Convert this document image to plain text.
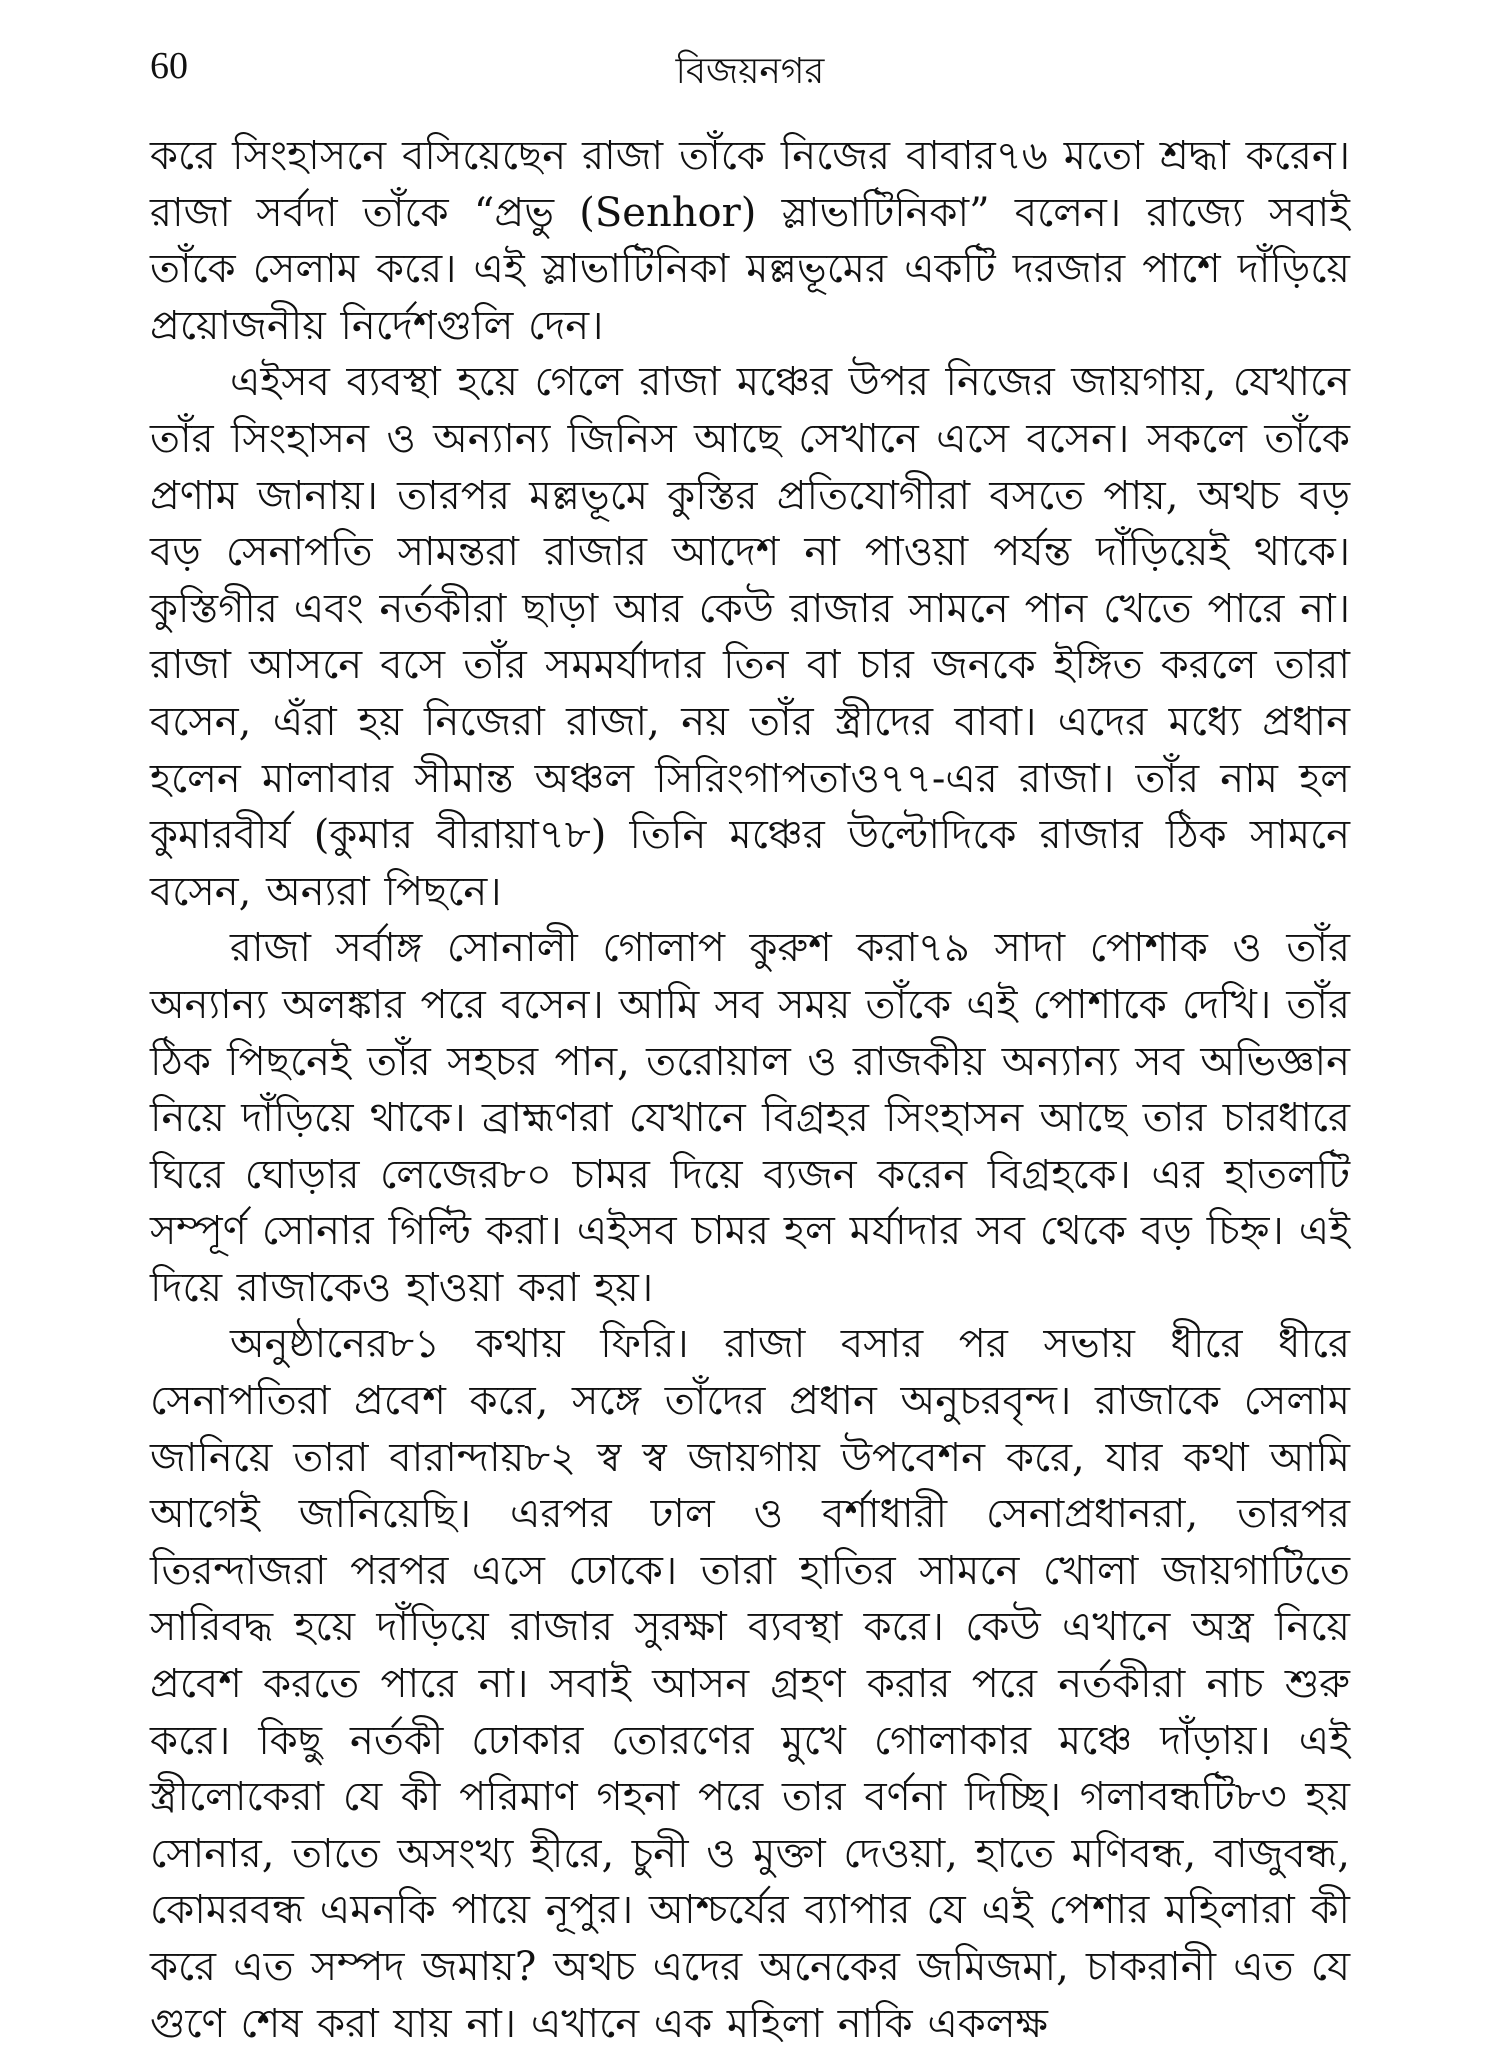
60	বিজয়নগর

করে সিংহাসনে বসিয়েছেন রাজা তাঁকে নিজের বাবার৭৬ মতো শ্রদ্ধা করেন। রাজা সর্বদা তাঁকে “প্রভু (Senhor) স্লাভাটিনিকা” বলেন। রাজ্যে সবাই তাঁকে সেলাম করে। এই স্লাভাটিনিকা মল্লভূমের একটি দরজার পাশে দাঁড়িয়ে প্রয়োজনীয় নির্দেশগুলি দেন।

এইসব ব্যবস্থা হয়ে গেলে রাজা মঞ্চের উপর নিজের জায়গায়, যেখানে তাঁর সিংহাসন ও অন্যান্য জিনিস আছে সেখানে এসে বসেন। সকলে তাঁকে প্রণাম জানায়। তারপর মল্লভূমে কুস্তির প্রতিযোগীরা বসতে পায়, অথচ বড় বড় সেনাপতি সামন্তরা রাজার আদেশ না পাওয়া পর্যন্ত দাঁড়িয়েই থাকে। কুস্তিগীর এবং নর্তকীরা ছাড়া আর কেউ রাজার সামনে পান খেতে পারে না। রাজা আসনে বসে তাঁর সমমর্যাদার তিন বা চার জনকে ইঙ্গিত করলে তারা বসেন, এঁরা হয় নিজেরা রাজা, নয় তাঁর স্ত্রীদের বাবা। এদের মধ্যে প্রধান হলেন মালাবার সীমান্ত অঞ্চল সিরিংগাপতাও৭৭-এর রাজা। তাঁর নাম হল কুমারবীর্য (কুমার বীরায়া৭৮) তিনি মঞ্চের উল্টোদিকে রাজার ঠিক সামনে বসেন, অন্যরা পিছনে।

রাজা সর্বাঙ্গ সোনালী গোলাপ কুরুশ করা৭৯ সাদা পোশাক ও তাঁর অন্যান্য অলঙ্কার পরে বসেন। আমি সব সময় তাঁকে এই পোশাকে দেখি। তাঁর ঠিক পিছনেই তাঁর সহচর পান, তরোয়াল ও রাজকীয় অন্যান্য সব অভিজ্ঞান নিয়ে দাঁড়িয়ে থাকে। ব্রাহ্মণরা যেখানে বিগ্রহর সিংহাসন আছে তার চারধারে ঘিরে ঘোড়ার লেজের৮০ চামর দিয়ে ব্যজন করেন বিগ্রহকে। এর হাতলটি সম্পূর্ণ সোনার গিল্টি করা। এইসব চামর হল মর্যাদার সব থেকে বড় চিহ্ন। এই দিয়ে রাজাকেও হাওয়া করা হয়।

অনুষ্ঠানের৮১ কথায় ফিরি। রাজা বসার পর সভায় ধীরে ধীরে সেনাপতিরা প্রবেশ করে, সঙ্গে তাঁদের প্রধান অনুচরবৃন্দ। রাজাকে সেলাম জানিয়ে তারা বারান্দায়৮২ স্ব স্ব জায়গায় উপবেশন করে, যার কথা আমি আগেই জানিয়েছি। এরপর ঢাল ও বর্শাধারী সেনাপ্রধানরা, তারপর তিরন্দাজরা পরপর এসে ঢোকে। তারা হাতির সামনে খোলা জায়গাটিতে সারিবদ্ধ হয়ে দাঁড়িয়ে রাজার সুরক্ষা ব্যবস্থা করে। কেউ এখানে অস্ত্র নিয়ে প্রবেশ করতে পারে না। সবাই আসন গ্রহণ করার পরে নর্তকীরা নাচ শুরু করে। কিছু নর্তকী ঢোকার তোরণের মুখে গোলাকার মঞ্চে দাঁড়ায়। এই স্ত্রীলোকেরা যে কী পরিমাণ গহনা পরে তার বর্ণনা দিচ্ছি। গলাবন্ধটি৮৩ হয় সোনার, তাতে অসংখ্য হীরে, চুনী ও মুক্তা দেওয়া, হাতে মণিবন্ধ, বাজুবন্ধ, কোমরবন্ধ এমনকি পায়ে নূপুর। আশ্চর্যের ব্যাপার যে এই পেশার মহিলারা কী করে এত সম্পদ জমায়? অথচ এদের অনেকের জমিজমা, চাকরানী এত যে গুণে শেষ করা যায় না। এখানে এক মহিলা নাকি একলক্ষ
